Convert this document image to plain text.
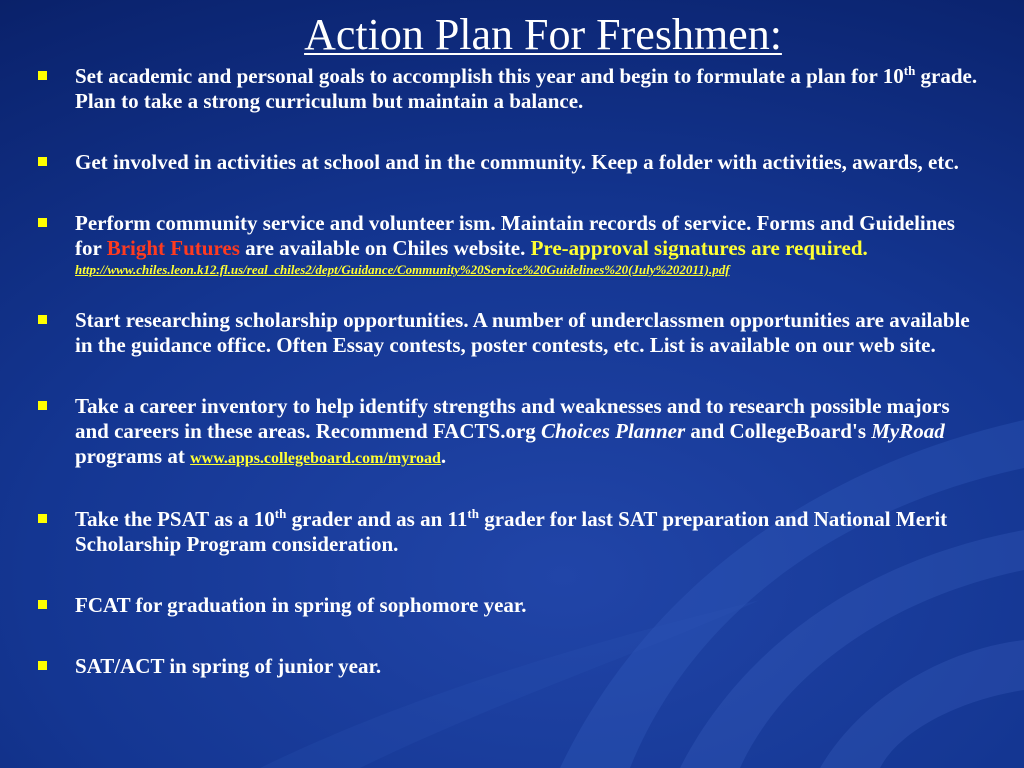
Action Plan For Freshmen:
Set academic and personal goals to accomplish this year and begin to formulate a plan for 10th grade. Plan to take a strong curriculum but maintain a balance.
Get involved in activities at school and in the community. Keep a folder with activities, awards, etc.
Perform community service and volunteer ism. Maintain records of service. Forms and Guidelines for Bright Futures are available on Chiles website. Pre-approval signatures are required.
http://www.chiles.leon.k12.fl.us/real_chiles2/dept/Guidance/Community%20Service%20Guidelines%20(July%202011).pdf
Start researching scholarship opportunities. A number of underclassmen opportunities are available in the guidance office. Often Essay contests, poster contests, etc. List is available on our web site.
Take a career inventory to help identify strengths and weaknesses and to research possible majors and careers in these areas. Recommend FACTS.org Choices Planner and CollegeBoard's MyRoad programs at www.apps.collegeboard.com/myroad.
Take the PSAT as a 10th grader and as an 11th grader for last SAT preparation and National Merit Scholarship Program consideration.
FCAT for graduation in spring of sophomore year.
SAT/ACT in spring of junior year.
